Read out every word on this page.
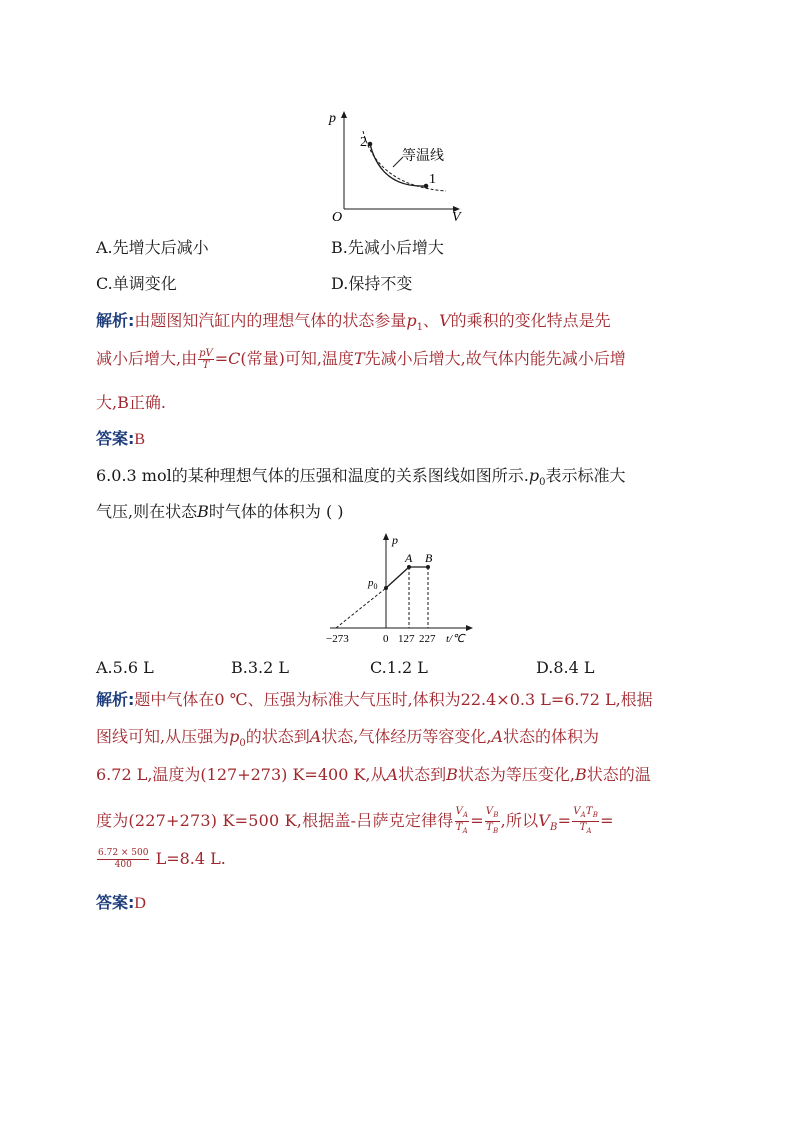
p
V
O
2
1
等温线
A.先增大后减小	B.先减小后增大
C.单调变化	D.保持不变
解析:由题图知汽缸内的理想气体的状态参量$p_1$、V的乘积的变化特点是先
减小后增大,由 $\frac{pV}{T} =C$(常量)可知,温度T先减小后增大,故气体内能先减小后增
大,B正确.
答案:B
6.0.3 mol的某种理想气体的压强和温度的关系图线如图所示$.p_0$表示标准大
气压,则在状态B时气体的体积为 ( )
p
A B
$p_0$
−273	0 127 227 t/℃
A.5.6 L	B.3.2 L	C.1.2 L	D.8.4 L
解析:题中气体在0 ℃、压强为标准大气压时,体积为22.4×0.3 L=6.72 L,根据
图线可知,从压强为$p_0$的状态到A状态,气体经历等容变化,A状态的体积为
6.72 L,温度为(127+273) K=400 K,从A状态到B状态为等压变化,B状态的温
度为(227+273) K=500 K,根据盖-吕萨克定律得 $\frac{V_A}{T_A} = \frac{V_B}{T_B}$ ,所以$V_B= \frac{V_AT_B}{T_A}$ =
$\frac{6.72 \times 500}{400} L=8.4$ L.
答案:D
